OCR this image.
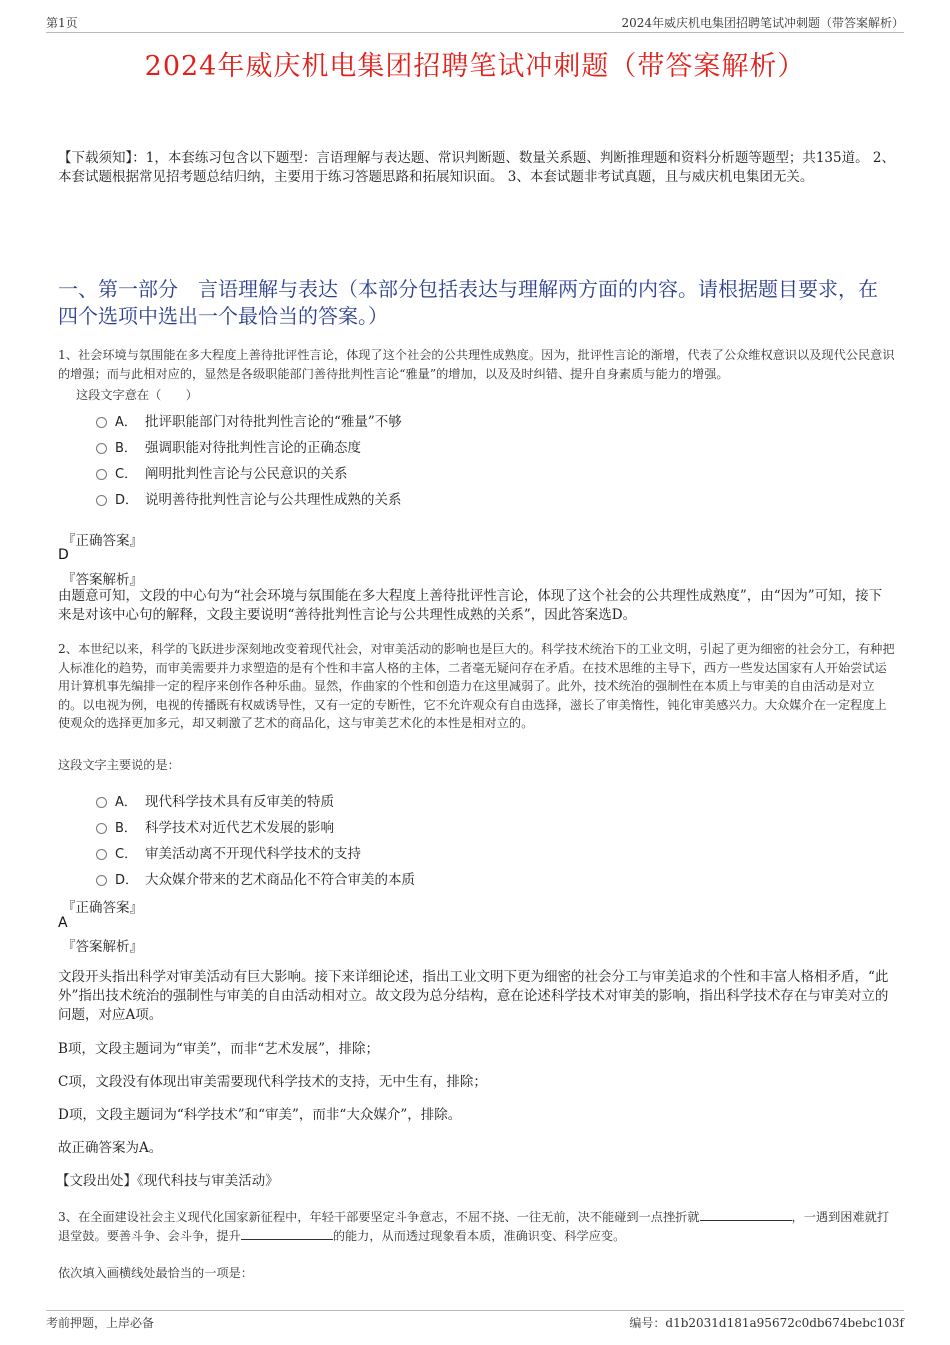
第1页	2024年威庆机电集团招聘笔试冲刺题（带答案解析）
2024年威庆机电集团招聘笔试冲刺题（带答案解析）
【下载须知】：1，本套练习包含以下题型：言语理解与表达题、常识判断题、数量关系题、判断推理题和资料分析题等题型；共135道。 2、本套试题根据常见招考题总结归纳，主要用于练习答题思路和拓展知识面。 3、本套试题非考试真题，且与威庆机电集团无关。
一、第一部分　言语理解与表达（本部分包括表达与理解两方面的内容。请根据题目要求，在四个选项中选出一个最恰当的答案。）
1、社会环境与氛围能在多大程度上善待批评性言论，体现了这个社会的公共理性成熟度。因为，批评性言论的渐增，代表了公众维权意识以及现代公民意识的增强；而与此相对应的，显然是各级职能部门善待批判性言论“雅量”的增加，以及及时纠错、提升自身素质与能力的增强。
这段文字意在（　　）
A． 批评职能部门对待批判性言论的“雅量”不够
B． 强调职能对待批判性言论的正确态度
C． 阐明批判性言论与公民意识的关系
D． 说明善待批判性言论与公共理性成熟的关系
『正确答案』
D
『答案解析』
由题意可知，文段的中心句为“社会环境与氛围能在多大程度上善待批评性言论，体现了这个社会的公共理性成熟度”，由“因为”可知，接下来是对该中心句的解释，文段主要说明“善待批判性言论与公共理性成熟的关系”，因此答案选D。
2、本世纪以来，科学的飞跃进步深刻地改变着现代社会，对审美活动的影响也是巨大的。科学技术统治下的工业文明，引起了更为细密的社会分工，有种把人标准化的趋势，而审美需要并力求塑造的是有个性和丰富人格的主体，二者毫无疑问存在矛盾。在技术思维的主导下，西方一些发达国家有人开始尝试运用计算机事先编排一定的程序来创作各种乐曲。显然，作曲家的个性和创造力在这里减弱了。此外，技术统治的强制性在本质上与审美的自由活动是对立的。以电视为例，电视的传播既有权威诱导性，又有一定的专断性，它不允许观众有自由选择，滋长了审美惰性，钝化审美感兴力。大众媒介在一定程度上使观众的选择更加多元，却又刺激了艺术的商品化，这与审美艺术化的本性是相对立的。
这段文字主要说的是：
A． 现代科学技术具有反审美的特质
B． 科学技术对近代艺术发展的影响
C． 审美活动离不开现代科学技术的支持
D． 大众媒介带来的艺术商品化不符合审美的本质
『正确答案』
A
『答案解析』
文段开头指出科学对审美活动有巨大影响。接下来详细论述，指出工业文明下更为细密的社会分工与审美追求的个性和丰富人格相矛盾，“此外”指出技术统治的强制性与审美的自由活动相对立。故文段为总分结构，意在论述科学技术对审美的影响，指出科学技术存在与审美对立的问题，对应A项。
B项，文段主题词为“审美”，而非“艺术发展”，排除；
C项，文段没有体现出审美需要现代科学技术的支持，无中生有，排除；
D项，文段主题词为“科学技术”和“审美”，而非“大众媒介”，排除。
故正确答案为A。
【文段出处】《现代科技与审美活动》
3、在全面建设社会主义现代化国家新征程中，年轻干部要坚定斗争意志，不屈不挠、一往无前，决不能碰到一点挫折就	，一遇到困难就打退堂鼓。要善斗争、会斗争，提升	的能力，从而透过现象看本质，准确识变、科学应变。
依次填入画横线处最恰当的一项是：
考前押题，上岸必备	编号：d1b2031d181a95672c0db674bebc103f
